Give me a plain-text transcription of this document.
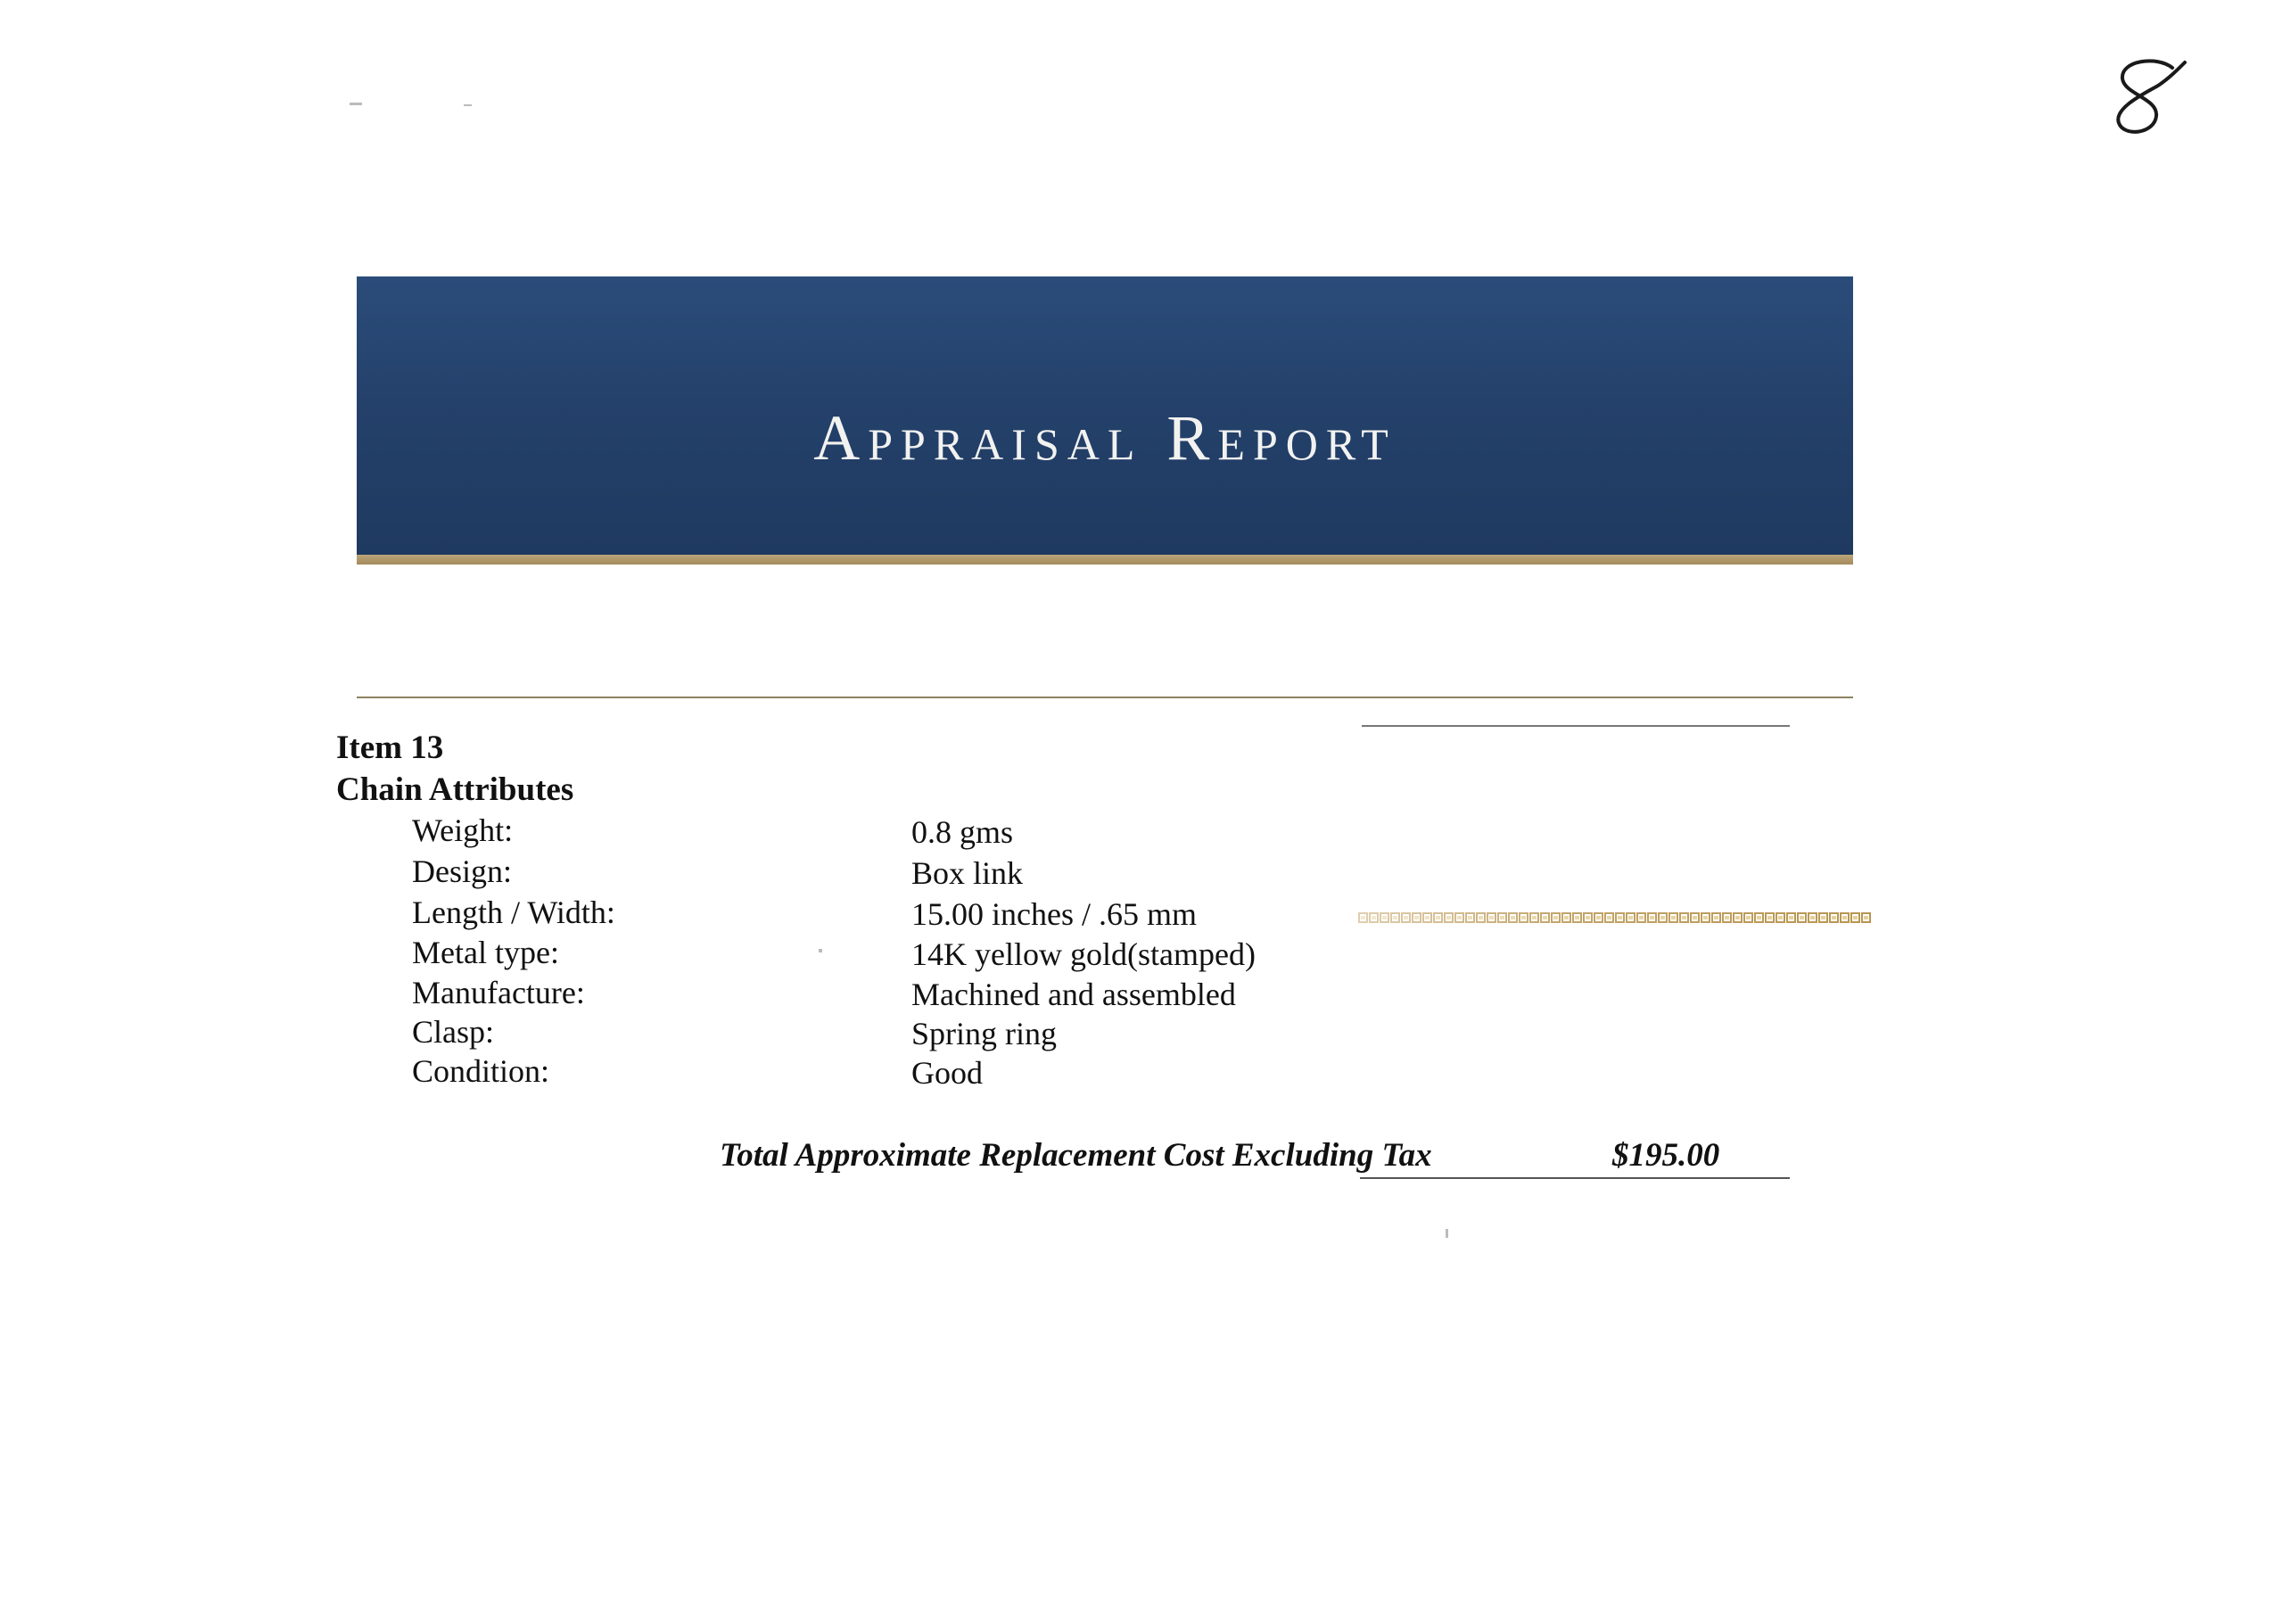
Appraisal Report
Item 13
Chain Attributes
Weight:	0.8 gms
Design:	Box link
Length / Width:	15.00 inches / .65 mm
Metal type:	14K yellow gold(stamped)
Manufacture:	Machined and assembled
Clasp:	Spring ring
Condition:	Good
Total Approximate Replacement Cost Excluding Tax	$195.00
